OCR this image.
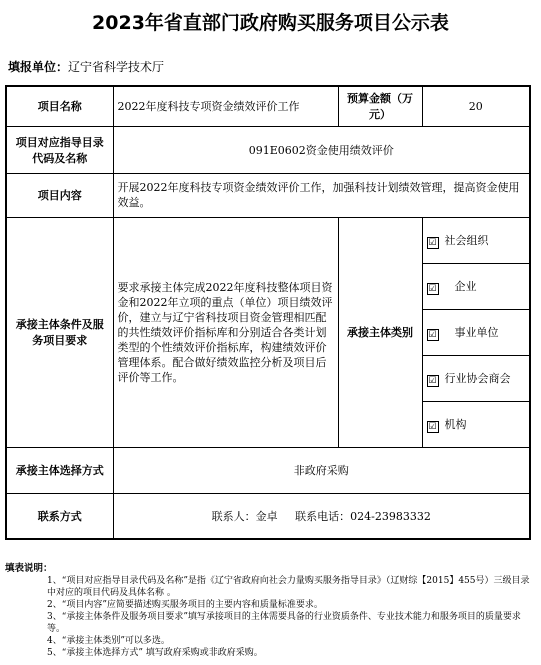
2023年省直部门政府购买服务项目公示表
填报单位：辽宁省科学技术厅
项目名称	2022年度科技专项资金绩效评价工作	预算金额（万元）	20
项目对应指导目录代码及名称	091E0602资金使用绩效评价		
项目内容	开展2022年度科技专项资金绩效评价工作，加强科技计划绩效管理，提高资金使用效益。		
承接主体条件及服务项目要求	要求承接主体完成2022年度科技整体项目资金和2022年立项的重点（单位）项目绩效评价，建立与辽宁省科技项目资金管理相匹配的共性绩效评价指标库和分别适合各类计划类型的个性绩效评价指标库，构建绩效评价管理体系。配合做好绩效监控分析及项目后评价等工作。	承接主体类别	☑ 社会组织
			☑ 企业
			☑ 事业单位
			☑ 行业协会商会
			☑ 机构
承接主体选择方式	非政府采购		
联系方式	联系人：金卓     联系电话：024-23983332		
填表说明：
1、“项目对应指导目录代码及名称”是指《辽宁省政府向社会力量购买服务指导目录》（辽财综【2015】455号）三级目录中对应的项目代码及具体名称 。
2、“项目内容”应简要描述购买服务项目的主要内容和质量标准要求。
3、“承接主体条件及服务项目要求”填写承接项目的主体需要具备的行业资质条件、专业技术能力和服务项目的质量要求等。
4、“承接主体类别”可以多选。
5、“承接主体选择方式” 填写政府采购或非政府采购。
